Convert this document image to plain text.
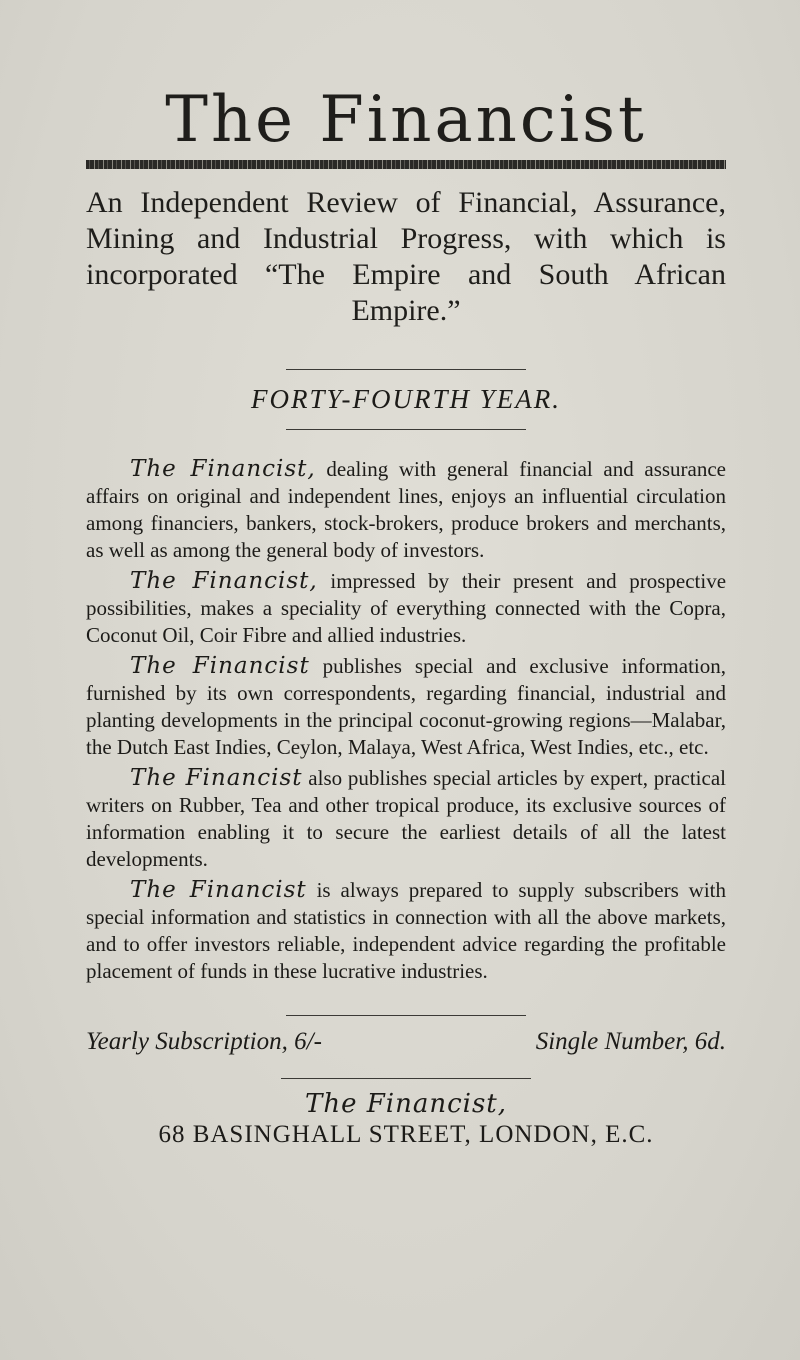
The Financist
An Independent Review of Financial, Assurance, Mining and Industrial Progress, with which is incorporated “The Empire and South African Empire.”
FORTY-FOURTH YEAR.

The Financist, dealing with general financial and assurance affairs on original and independent lines, enjoys an influential circulation among financiers, bankers, stock-brokers, produce brokers and merchants, as well as among the general body of investors.

The Financist, impressed by their present and prospective possibilities, makes a speciality of everything connected with the Copra, Coconut Oil, Coir Fibre and allied industries.

The Financist publishes special and exclusive information, furnished by its own correspondents, regarding financial, industrial and planting developments in the principal coconut-growing regions—Malabar, the Dutch East Indies, Ceylon, Malaya, West Africa, West Indies, etc., etc.

The Financist also publishes special articles by expert, practical writers on Rubber, Tea and other tropical produce, its exclusive sources of information enabling it to secure the earliest details of all the latest developments.

The Financist is always prepared to supply subscribers with special information and statistics in connection with all the above markets, and to offer investors reliable, independent advice regarding the profitable placement of funds in these lucrative industries.

Yearly Subscription, 6/-	Single Number, 6d.
The Financist,
68 BASINGHALL STREET, LONDON, E.C.
